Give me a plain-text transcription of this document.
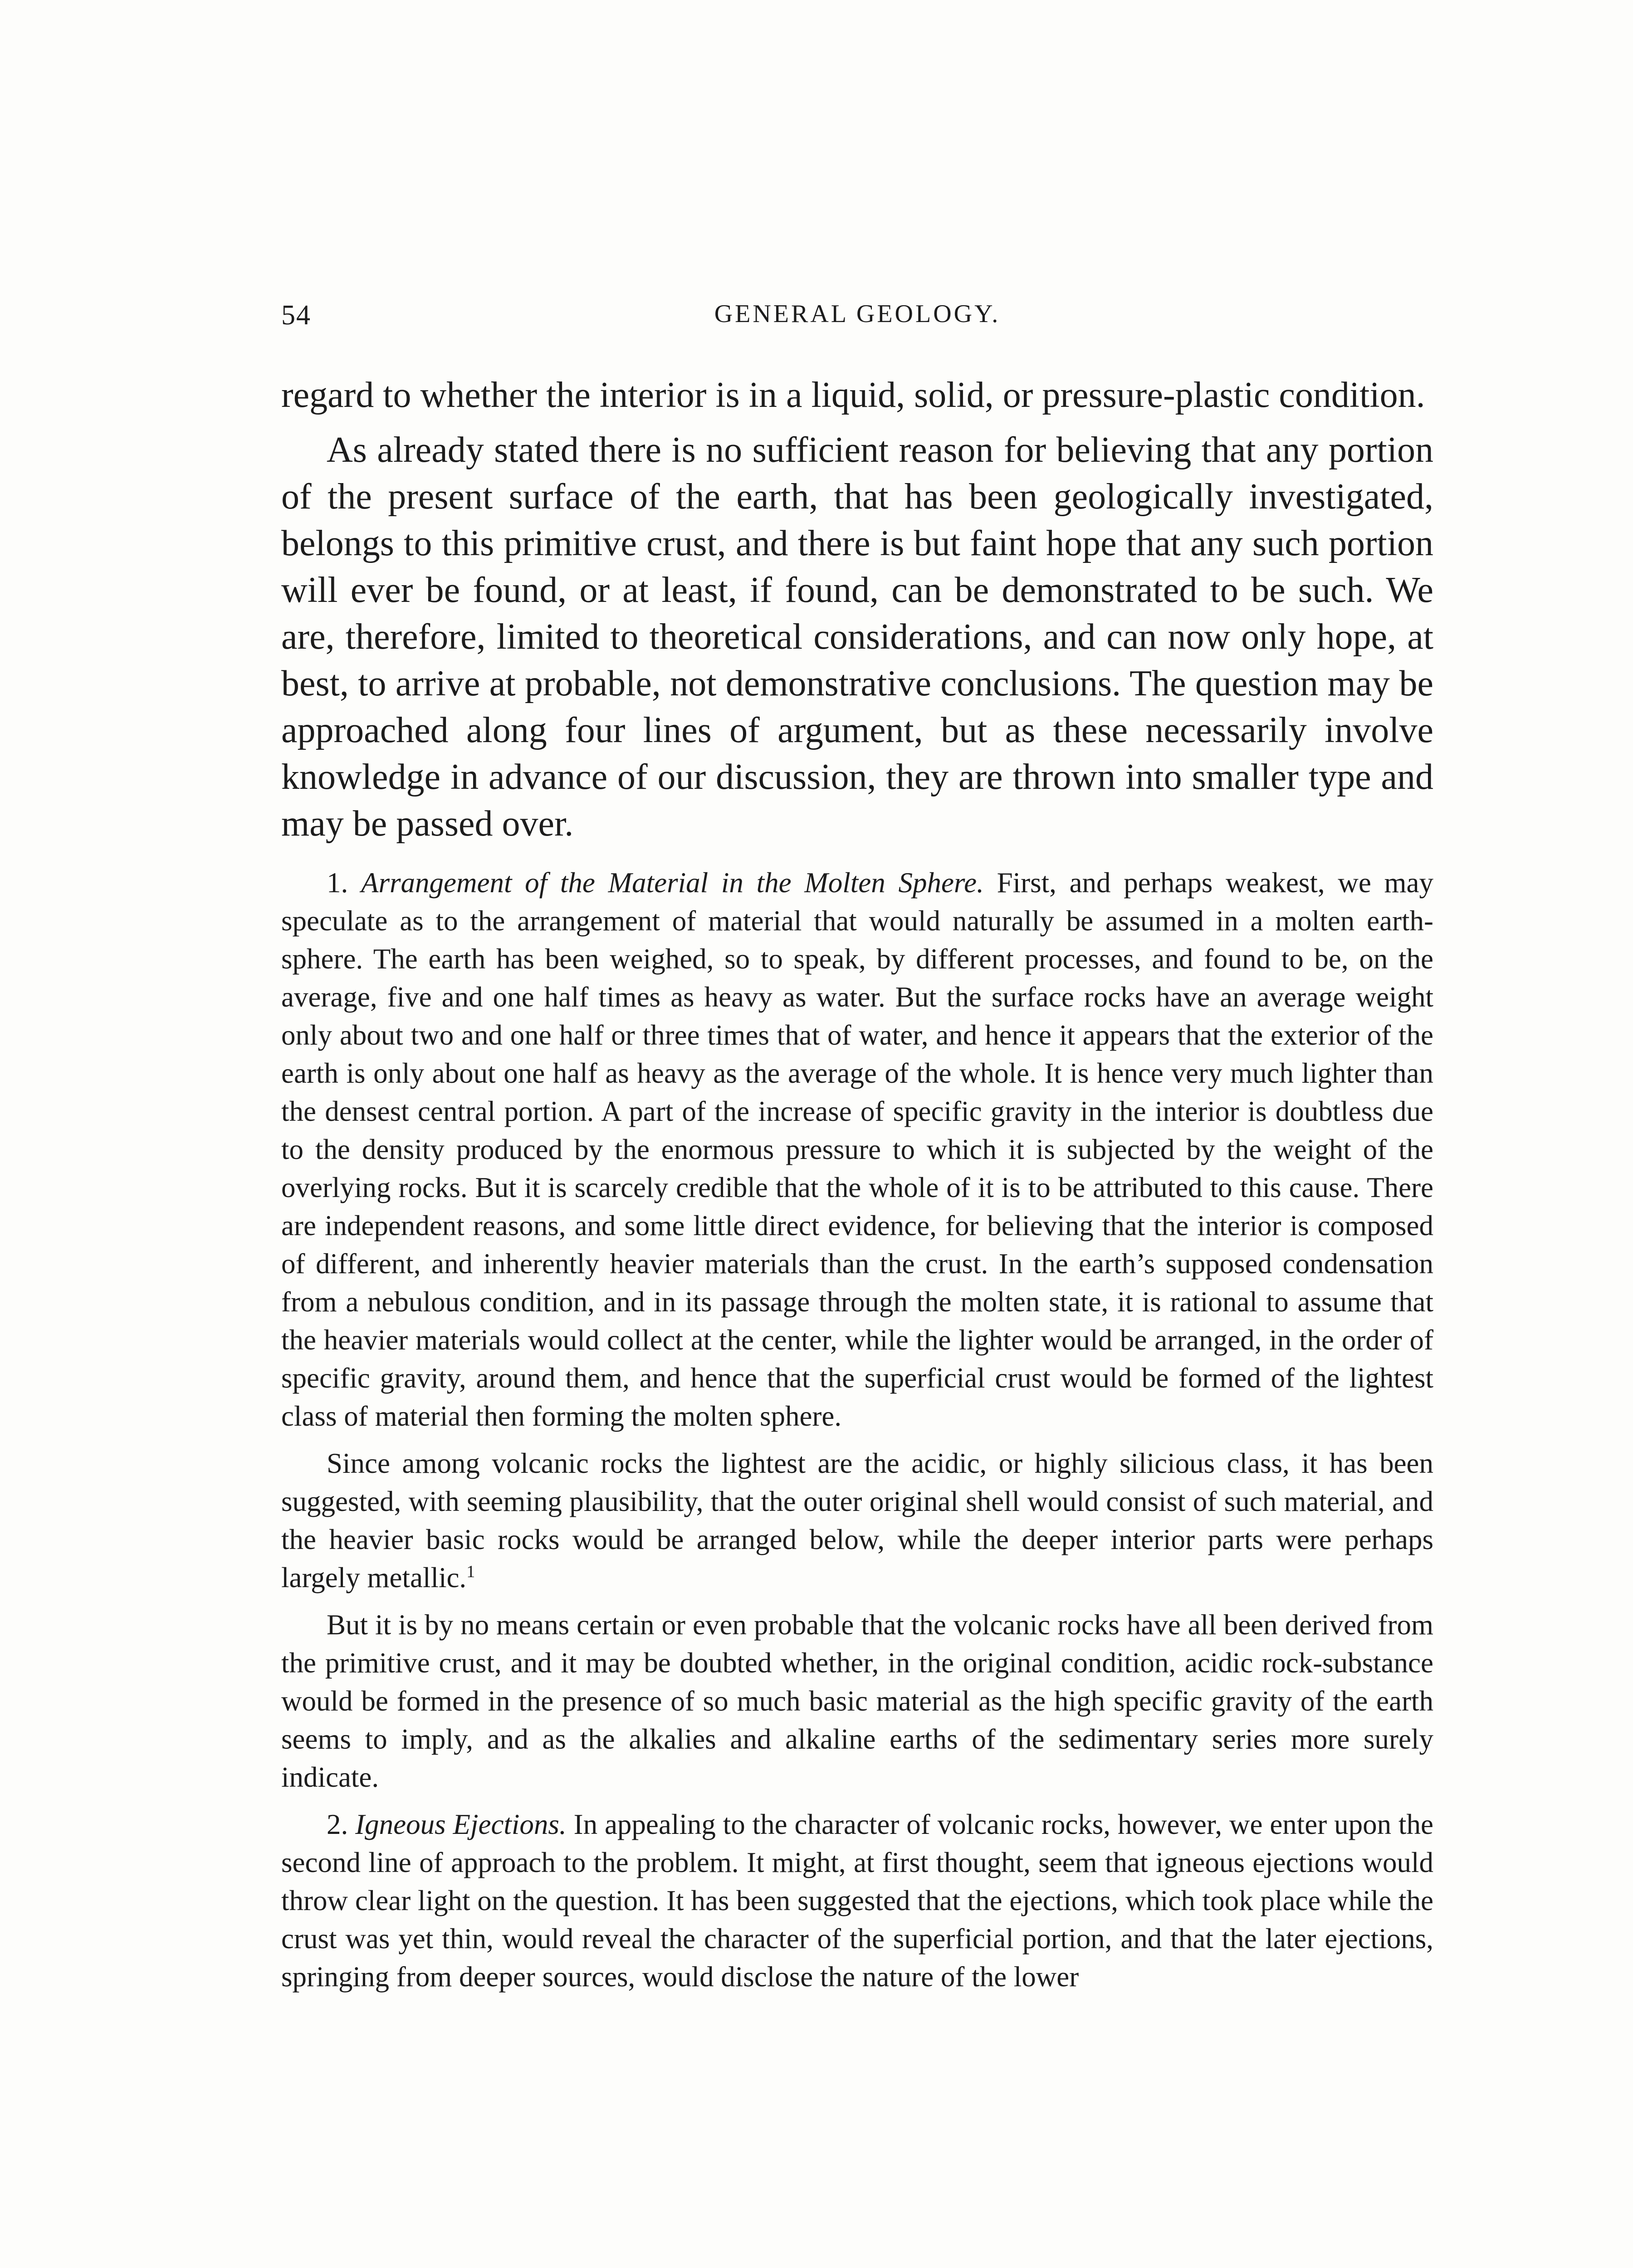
54	GENERAL GEOLOGY.

regard to whether the interior is in a liquid, solid, or pressure-plastic condition.

As already stated there is no sufficient reason for believing that any portion of the present surface of the earth, that has been geologically investigated, belongs to this primitive crust, and there is but faint hope that any such portion will ever be found, or at least, if found, can be demonstrated to be such. We are, therefore, limited to theoretical considerations, and can now only hope, at best, to arrive at probable, not demonstrative conclusions. The question may be approached along four lines of argument, but as these necessarily involve knowledge in advance of our discussion, they are thrown into smaller type and may be passed over.

1. Arrangement of the Material in the Molten Sphere. First, and perhaps weakest, we may speculate as to the arrangement of material that would naturally be assumed in a molten earth-sphere. The earth has been weighed, so to speak, by different processes, and found to be, on the average, five and one half times as heavy as water. But the surface rocks have an average weight only about two and one half or three times that of water, and hence it appears that the exterior of the earth is only about one half as heavy as the average of the whole. It is hence very much lighter than the densest central portion. A part of the increase of specific gravity in the interior is doubtless due to the density produced by the enormous pressure to which it is subjected by the weight of the overlying rocks. But it is scarcely credible that the whole of it is to be attributed to this cause. There are independent reasons, and some little direct evidence, for believing that the interior is composed of different, and inherently heavier materials than the crust. In the earth’s supposed condensation from a nebulous condition, and in its passage through the molten state, it is rational to assume that the heavier materials would collect at the center, while the lighter would be arranged, in the order of specific gravity, around them, and hence that the superficial crust would be formed of the lightest class of material then forming the molten sphere.

Since among volcanic rocks the lightest are the acidic, or highly silicious class, it has been suggested, with seeming plausibility, that the outer original shell would consist of such material, and the heavier basic rocks would be arranged below, while the deeper interior parts were perhaps largely metallic.$^1$

But it is by no means certain or even probable that the volcanic rocks have all been derived from the primitive crust, and it may be doubted whether, in the original condition, acidic rock-substance would be formed in the presence of so much basic material as the high specific gravity of the earth seems to imply, and as the alkalies and alkaline earths of the sedimentary series more surely indicate.

2. Igneous Ejections. In appealing to the character of volcanic rocks, however, we enter upon the second line of approach to the problem. It might, at first thought, seem that igneous ejections would throw clear light on the question. It has been suggested that the ejections, which took place while the crust was yet thin, would reveal the character of the superficial portion, and that the later ejections, springing from deeper sources, would disclose the nature of the lower
